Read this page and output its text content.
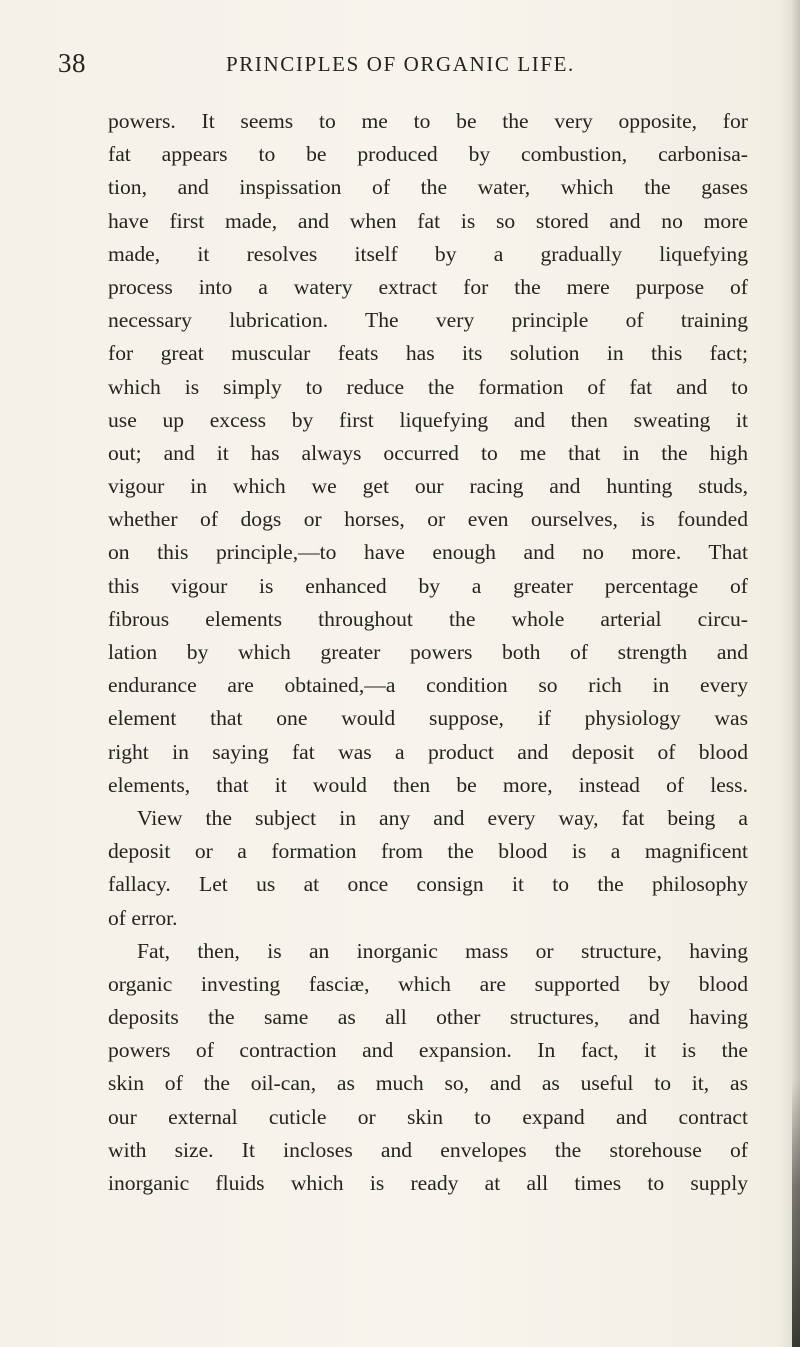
38	PRINCIPLES OF ORGANIC LIFE.
powers. It seems to me to be the very opposite, for
fat appears to be produced by combustion, carbonisa-
tion, and inspissation of the water, which the gases
have first made, and when fat is so stored and no more
made, it resolves itself by a gradually liquefying
process into a watery extract for the mere purpose of
necessary lubrication. The very principle of training
for great muscular feats has its solution in this fact;
which is simply to reduce the formation of fat and to
use up excess by first liquefying and then sweating it
out; and it has always occurred to me that in the high
vigour in which we get our racing and hunting studs,
whether of dogs or horses, or even ourselves, is founded
on this principle,—to have enough and no more. That
this vigour is enhanced by a greater percentage of
fibrous elements throughout the whole arterial circu-
lation by which greater powers both of strength and
endurance are obtained,—a condition so rich in every
element that one would suppose, if physiology was
right in saying fat was a product and deposit of blood
elements, that it would then be more, instead of less.
View the subject in any and every way, fat being a
deposit or a formation from the blood is a magnificent
fallacy. Let us at once consign it to the philosophy
of error.
Fat, then, is an inorganic mass or structure, having
organic investing fasciæ, which are supported by blood
deposits the same as all other structures, and having
powers of contraction and expansion. In fact, it is the
skin of the oil-can, as much so, and as useful to it, as
our external cuticle or skin to expand and contract
with size. It incloses and envelopes the storehouse of
inorganic fluids which is ready at all times to supply
